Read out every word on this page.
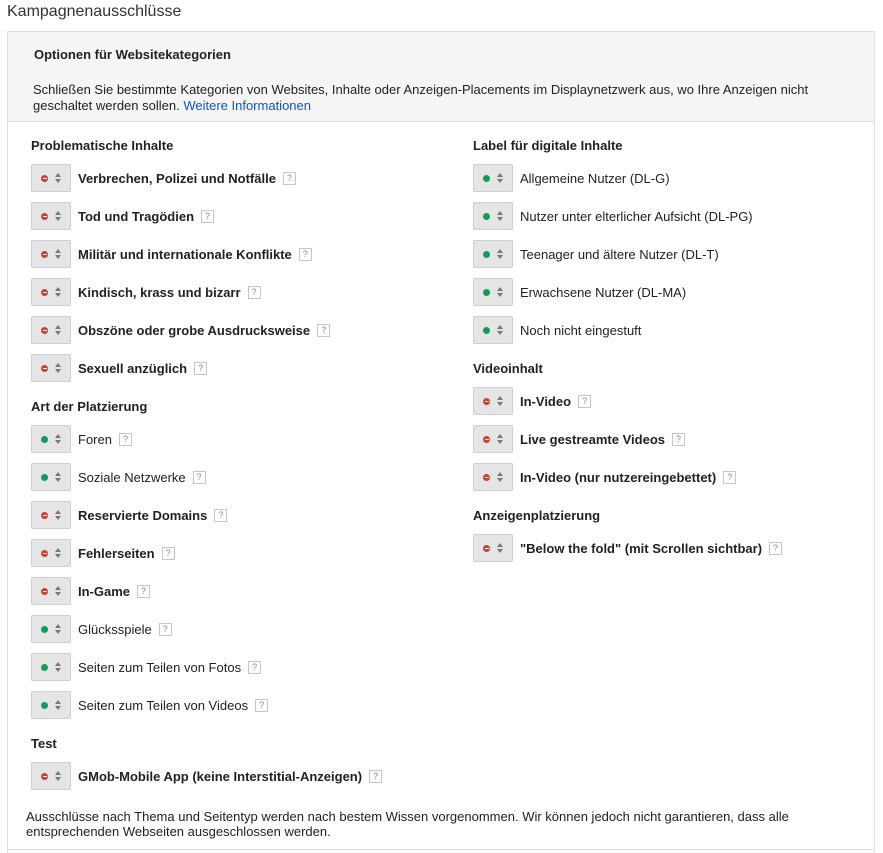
Kampagnenausschlüsse
Optionen für Websitekategorien
Schließen Sie bestimmte Kategorien von Websites, Inhalte oder Anzeigen-Placements im Displaynetzwerk aus, wo Ihre Anzeigen nicht geschaltet werden sollen. Weitere Informationen
Problematische Inhalte
Verbrechen, Polizei und Notfälle	?
Tod und Tragödien	?
Militär und internationale Konflikte	?
Kindisch, krass und bizarr	?
Obszöne oder grobe Ausdrucksweise	?
Sexuell anzüglich	?
Art der Platzierung
Foren	?
Soziale Netzwerke	?
Reservierte Domains	?
Fehlerseiten	?
In-Game	?
Glücksspiele	?
Seiten zum Teilen von Fotos	?
Seiten zum Teilen von Videos	?
Test
GMob-Mobile App (keine Interstitial-Anzeigen)	?
Label für digitale Inhalte
Allgemeine Nutzer (DL-G)
Nutzer unter elterlicher Aufsicht (DL-PG)
Teenager und ältere Nutzer (DL-T)
Erwachsene Nutzer (DL-MA)
Noch nicht eingestuft
Videoinhalt
In-Video	?
Live gestreamte Videos	?
In-Video (nur nutzereingebettet)	?
Anzeigenplatzierung
"Below the fold" (mit Scrollen sichtbar)	?
Ausschlüsse nach Thema und Seitentyp werden nach bestem Wissen vorgenommen. Wir können jedoch nicht garantieren, dass alle entsprechenden Webseiten ausgeschlossen werden.
